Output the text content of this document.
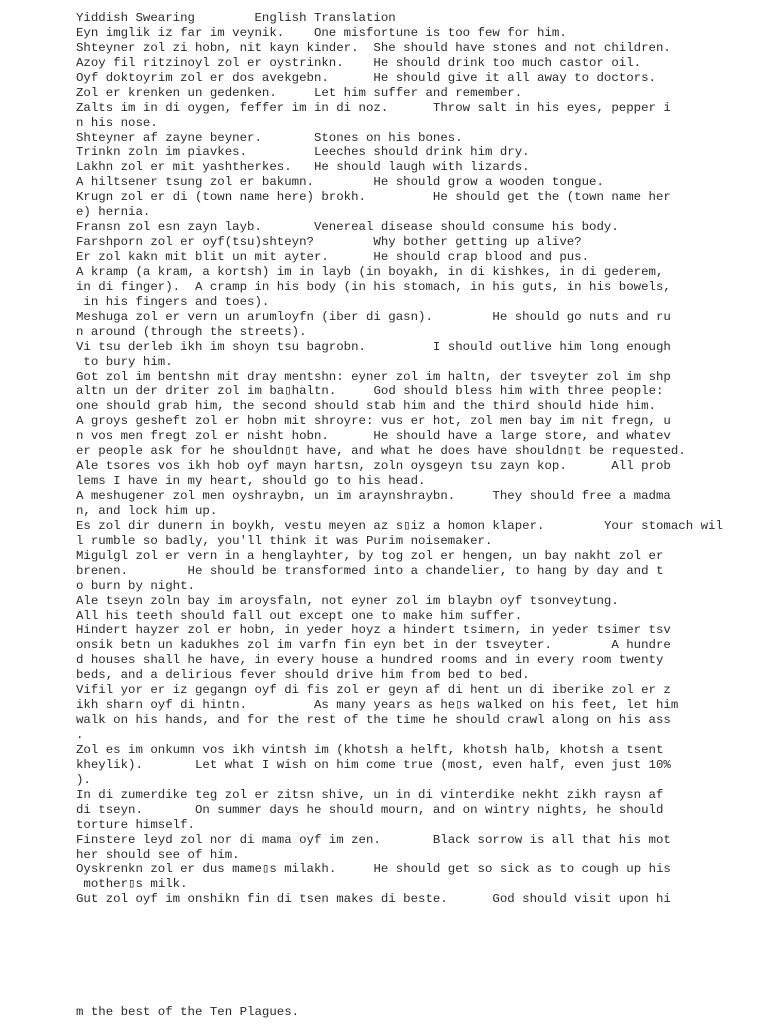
Yiddish Swearing        English Translation
Eyn imglik iz far im veynik.    One misfortune is too few for him.
Shteyner zol zi hobn, nit kayn kinder.  She should have stones and not children.
Azoy fil ritzinoyl zol er oystrinkn.    He should drink too much castor oil.
Oyf doktoyrim zol er dos avekgebn.      He should give it all away to doctors.
Zol er krenken un gedenken.     Let him suffer and remember.
Zalts im in di oygen, feffer im in di noz.      Throw salt in his eyes, pepper i
n his nose.
Shteyner af zayne beyner.       Stones on his bones.
Trinkn zoln im piavkes.         Leeches should drink him dry.
Lakhn zol er mit yashtherkes.   He should laugh with lizards.
A hiltsener tsung zol er bakumn.        He should grow a wooden tongue.
Krugn zol er di (town name here) brokh.         He should get the (town name her
e) hernia.
Fransn zol esn zayn layb.       Venereal disease should consume his body.
Farshporn zol er oyf(tsu)shteyn?        Why bother getting up alive?
Er zol kakn mit blit un mit ayter.      He should crap blood and pus.
A kramp (a kram, a kortsh) im in layb (in boyakh, in di kishkes, in di gederem,
in di finger).  A cramp in his body (in his stomach, in his guts, in his bowels,
in his fingers and toes).
Meshuga zol er vern un arumloyfn (iber di gasn).        He should go nuts and ru
n around (through the streets).
Vi tsu derleb ikh im shoyn tsu bagrobn.         I should outlive him long enough
to bury him.
Got zol im bentshn mit dray mentshn: eyner zol im haltn, der tsveyter zol im shp
altn un der driter zol im ba▯haltn.     God should bless him with three people:
one should grab him, the second should stab him and the third should hide him.
A groys gesheft zol er hobn mit shroyre: vus er hot, zol men bay im nit fregn, u
n vos men fregt zol er nisht hobn.      He should have a large store, and whatev
er people ask for he shouldn▯t have, and what he does have shouldn▯t be requested.
Ale tsores vos ikh hob oyf mayn hartsn, zoln oysgeyn tsu zayn kop.      All prob
lems I have in my heart, should go to his head.
A meshugener zol men oyshraybn, un im araynshraybn.     They should free a madma
n, and lock him up.
Es zol dir dunern in boykh, vestu meyen az s▯iz a homon klaper.        Your stomach wil
l rumble so badly, you'll think it was Purim noisemaker.
Migulgl zol er vern in a henglayhter, by tog zol er hengen, un bay nakht zol er
brenen.        He should be transformed into a chandelier, to hang by day and t
o burn by night.
Ale tseyn zoln bay im aroysfaln, not eyner zol im blaybn oyf tsonveytung.
All his teeth should fall out except one to make him suffer.
Hindert hayzer zol er hobn, in yeder hoyz a hindert tsimern, in yeder tsimer tsv
onsik betn un kadukhes zol im varfn fin eyn bet in der tsveyter.        A hundre
d houses shall he have, in every house a hundred rooms and in every room twenty
beds, and a delirious fever should drive him from bed to bed.
Vifil yor er iz gegangn oyf di fis zol er geyn af di hent un di iberike zol er z
ikh sharn oyf di hintn.         As many years as he▯s walked on his feet, let him
walk on his hands, and for the rest of the time he should crawl along on his ass
.
Zol es im onkumn vos ikh vintsh im (khotsh a helft, khotsh halb, khotsh a tsent
kheylik).       Let what I wish on him come true (most, even half, even just 10%
).
In di zumerdike teg zol er zitsn shive, un in di vinterdike nekht zikh raysn af
di tseyn.       On summer days he should mourn, and on wintry nights, he should
torture himself.
Finstere leyd zol nor di mama oyf im zen.       Black sorrow is all that his mot
her should see of him.
Oyskrenkn zol er dus mame▯s milakh.     He should get so sick as to cough up his
mother▯s milk.
Gut zol oyf im onshikn fin di tsen makes di beste.      God should visit upon hi
m the best of the Ten Plagues.
